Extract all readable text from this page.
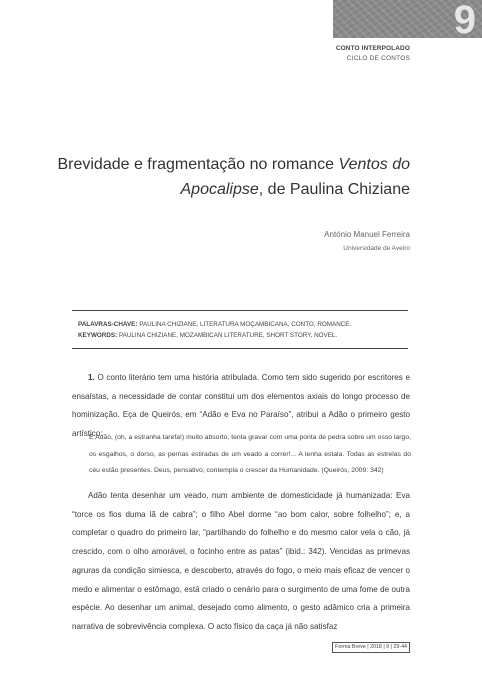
9
CONTO INTERPOLADO
CICLO DE CONTOS
Brevidade e fragmentação no romance Ventos do
Apocalipse, de Paulina Chiziane
António Manuel Ferreira
Universidade de Aveiro
PALAVRAS-CHAVE: PAULINA CHIZIANE, LITERATURA MOÇAMBICANA, CONTO, ROMANCE.
KEYWORDS: PAULINA CHIZIANE, MOZAMBICAN LITERATURE, SHORT STORY, NOVEL.

1. O conto literário tem uma história atribulada. Como tem sido sugerido por escritores e ensaístas, a necessidade de contar constitui um dos elementos axiais do longo processo de hominização. Eça de Queirós, em “Adão e Eva no Paraíso”, atribui a Adão o primeiro gesto artístico:

E Adão, (oh, a estranha tarefa!) muito absorto, tenta gravar com uma ponta de pedra sobre um osso largo, os esgalhos, o dorso, as pernas estiradas de um veado a correr!... A lenha estala. Todas as estrelas do céu estão presentes. Deus, pensativo, contempla o crescer da Humanidade. (Queirós, 2009: 342)

Adão tenta desenhar um veado, num ambiente de domesticidade já humanizada: Eva “torce os fios duma lã de cabra”; o filho Abel dorme “ao bom calor, sobre folhelho”; e, a completar o quadro do primeiro lar, “partilhando do folhelho e do mesmo calor vela o cão, já crescido, com o olho amorável, o focinho entre as patas” (ibid.: 342). Vencidas as primevas agruras da condição simiesca, e descoberto, através do fogo, o meio mais eficaz de vencer o medo e alimentar o estômago, está criado o cenário para o surgimento de uma fome de outra espécie. Ao desenhar um animal, desejado como alimento, o gesto adâmico cria a primeira narrativa de sobrevivência complexa. O acto físico da caça já não satisfaz

Forma Breve | 2018 | 9 | 29-44
